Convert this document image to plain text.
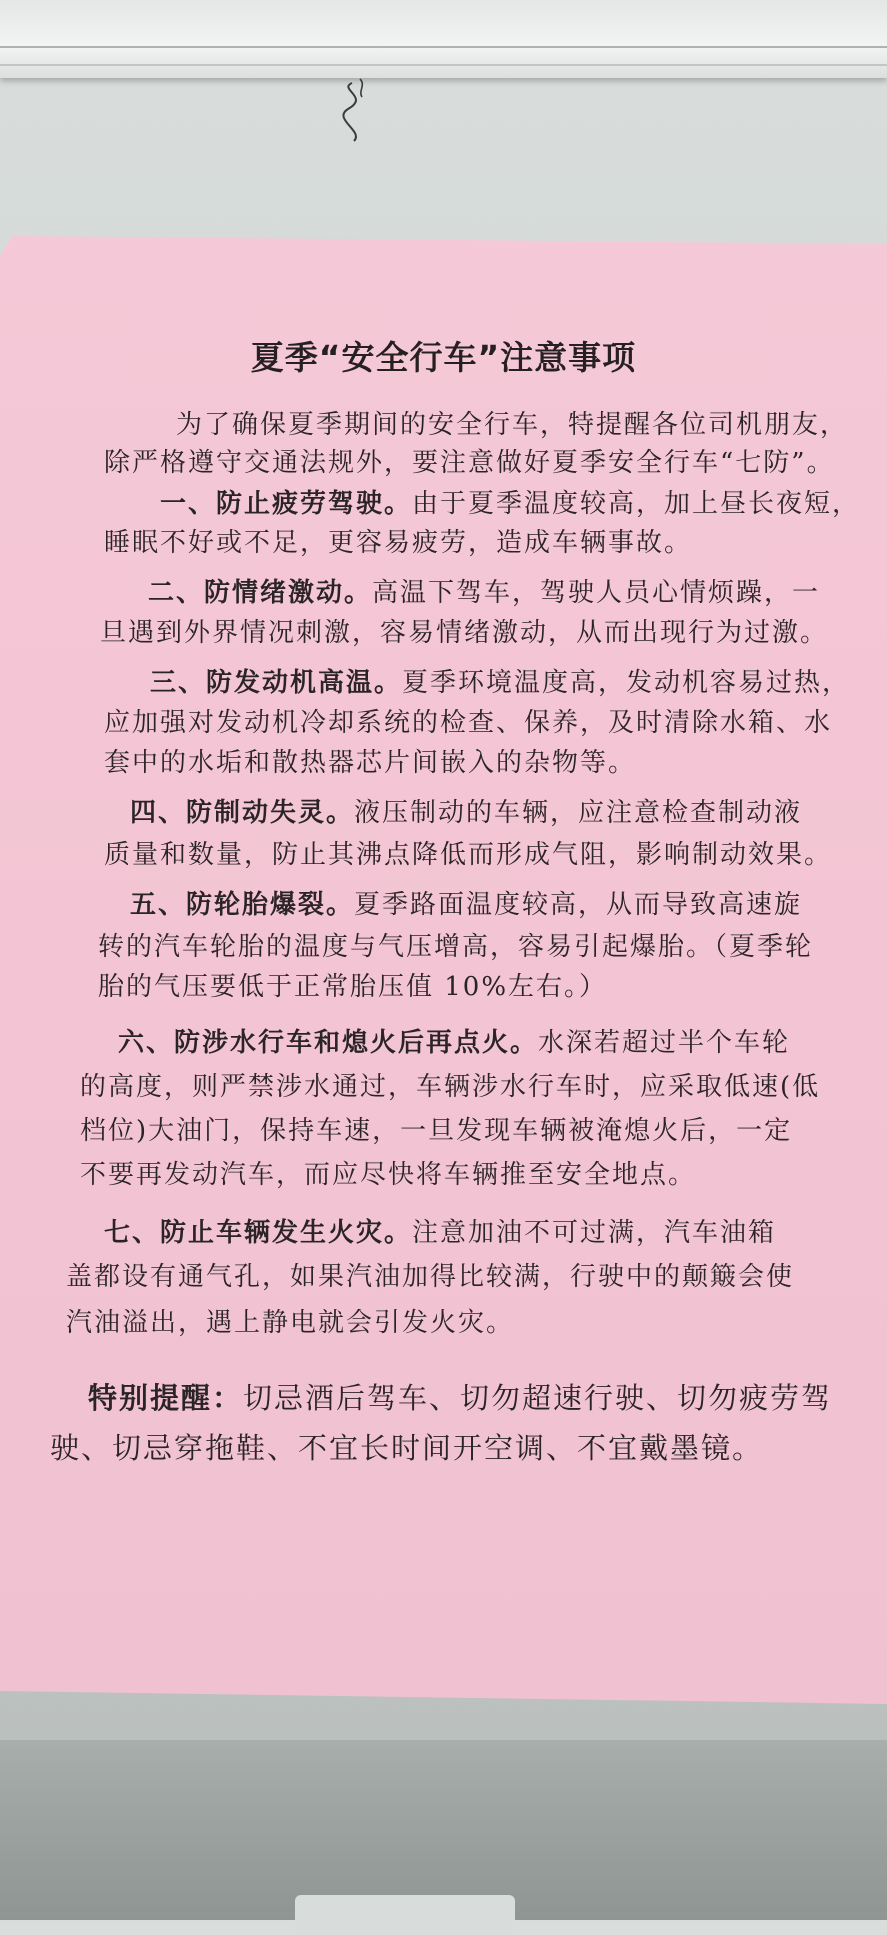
夏季“安全行车”注意事项
为了确保夏季期间的安全行车，特提醒各位司机朋友，
除严格遵守交通法规外，要注意做好夏季安全行车“七防”。
一、防止疲劳驾驶。由于夏季温度较高，加上昼长夜短，
睡眠不好或不足，更容易疲劳，造成车辆事故。
二、防情绪激动。高温下驾车，驾驶人员心情烦躁，一
旦遇到外界情况刺激，容易情绪激动，从而出现行为过激。
三、防发动机高温。夏季环境温度高，发动机容易过热，
应加强对发动机冷却系统的检查、保养，及时清除水箱、水
套中的水垢和散热器芯片间嵌入的杂物等。
四、防制动失灵。液压制动的车辆，应注意检查制动液
质量和数量，防止其沸点降低而形成气阻，影响制动效果。
五、防轮胎爆裂。夏季路面温度较高，从而导致高速旋
转的汽车轮胎的温度与气压增高，容易引起爆胎。（夏季轮
胎的气压要低于正常胎压值 10%左右。）
六、防涉水行车和熄火后再点火。水深若超过半个车轮
的高度，则严禁涉水通过，车辆涉水行车时，应采取低速(低
档位)大油门，保持车速，一旦发现车辆被淹熄火后，一定
不要再发动汽车，而应尽快将车辆推至安全地点。
七、防止车辆发生火灾。注意加油不可过满，汽车油箱
盖都设有通气孔，如果汽油加得比较满，行驶中的颠簸会使
汽油溢出，遇上静电就会引发火灾。
特别提醒：切忌酒后驾车、切勿超速行驶、切勿疲劳驾
驶、切忌穿拖鞋、不宜长时间开空调、不宜戴墨镜。
